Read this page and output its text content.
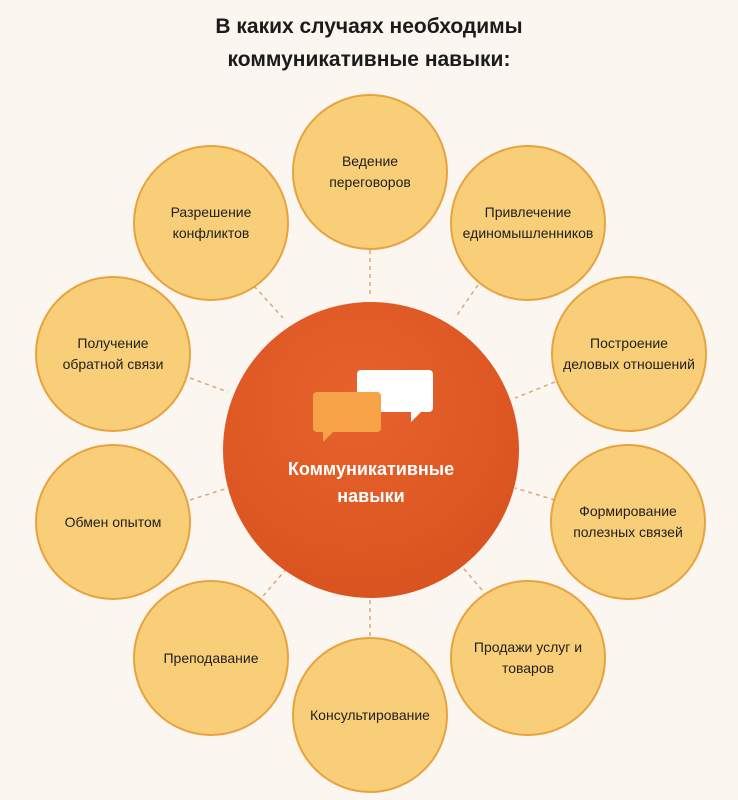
В каких случаях необходимы
коммуникативные навыки:
Ведение переговоров
Привлечение единомышленников
Построение деловых отношений
Формирование полезных связей
Продажи услуг и товаров
Консультирование
Преподавание
Обмен опытом
Получение обратной связи
Разрешение конфликтов
Коммуникативные
навыки
